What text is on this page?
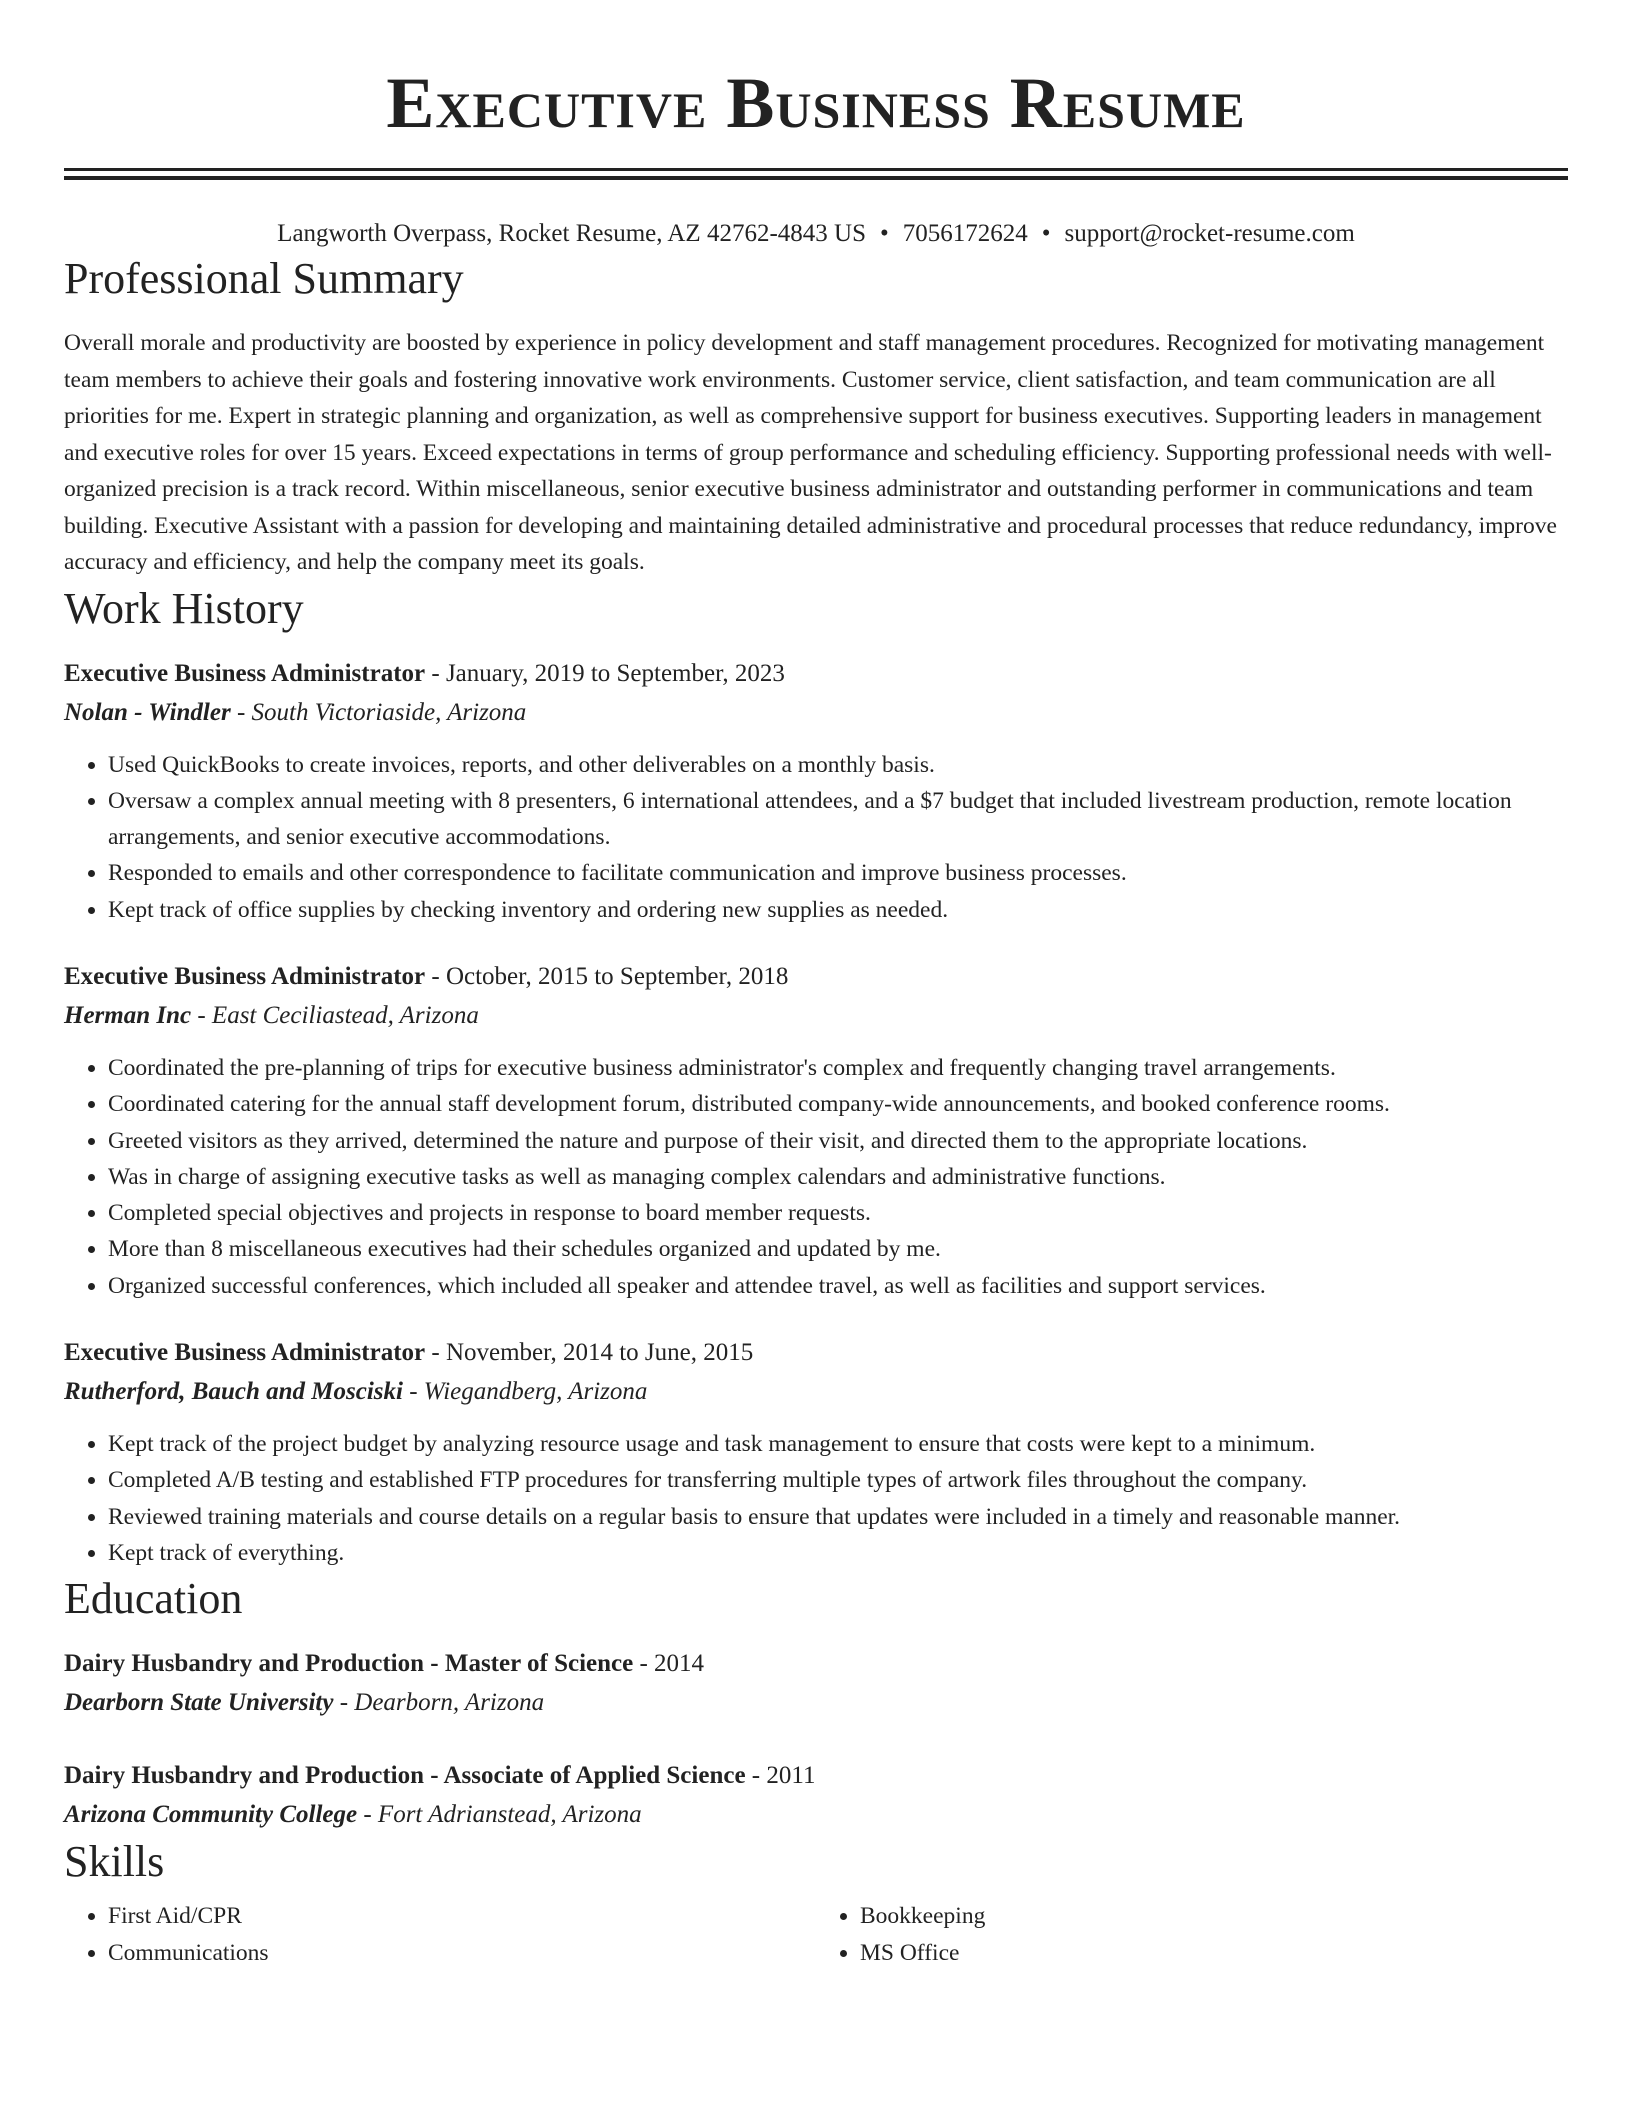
Executive Business Resume
Langworth Overpass, Rocket Resume, AZ 42762-4843 US • 7056172624 • support@rocket-resume.com
Professional Summary
Overall morale and productivity are boosted by experience in policy development and staff management procedures. Recognized for motivating management team members to achieve their goals and fostering innovative work environments. Customer service, client satisfaction, and team communication are all priorities for me. Expert in strategic planning and organization, as well as comprehensive support for business executives. Supporting leaders in management and executive roles for over 15 years. Exceed expectations in terms of group performance and scheduling efficiency. Supporting professional needs with well-organized precision is a track record. Within miscellaneous, senior executive business administrator and outstanding performer in communications and team building. Executive Assistant with a passion for developing and maintaining detailed administrative and procedural processes that reduce redundancy, improve accuracy and efficiency, and help the company meet its goals.
Work History
Executive Business Administrator - January, 2019 to September, 2023
Nolan - Windler - South Victoriaside, Arizona
• Used QuickBooks to create invoices, reports, and other deliverables on a monthly basis.
• Oversaw a complex annual meeting with 8 presenters, 6 international attendees, and a $7 budget that included livestream production, remote location arrangements, and senior executive accommodations.
• Responded to emails and other correspondence to facilitate communication and improve business processes.
• Kept track of office supplies by checking inventory and ordering new supplies as needed.
Executive Business Administrator - October, 2015 to September, 2018
Herman Inc - East Ceciliastead, Arizona
• Coordinated the pre-planning of trips for executive business administrator's complex and frequently changing travel arrangements.
• Coordinated catering for the annual staff development forum, distributed company-wide announcements, and booked conference rooms.
• Greeted visitors as they arrived, determined the nature and purpose of their visit, and directed them to the appropriate locations.
• Was in charge of assigning executive tasks as well as managing complex calendars and administrative functions.
• Completed special objectives and projects in response to board member requests.
• More than 8 miscellaneous executives had their schedules organized and updated by me.
• Organized successful conferences, which included all speaker and attendee travel, as well as facilities and support services.
Executive Business Administrator - November, 2014 to June, 2015
Rutherford, Bauch and Mosciski - Wiegandberg, Arizona
• Kept track of the project budget by analyzing resource usage and task management to ensure that costs were kept to a minimum.
• Completed A/B testing and established FTP procedures for transferring multiple types of artwork files throughout the company.
• Reviewed training materials and course details on a regular basis to ensure that updates were included in a timely and reasonable manner.
• Kept track of everything.
Education
Dairy Husbandry and Production - Master of Science - 2014
Dearborn State University - Dearborn, Arizona
Dairy Husbandry and Production - Associate of Applied Science - 2011
Arizona Community College - Fort Adrianstead, Arizona
Skills
• First Aid/CPR
• Communications
• Bookkeeping
• MS Office
